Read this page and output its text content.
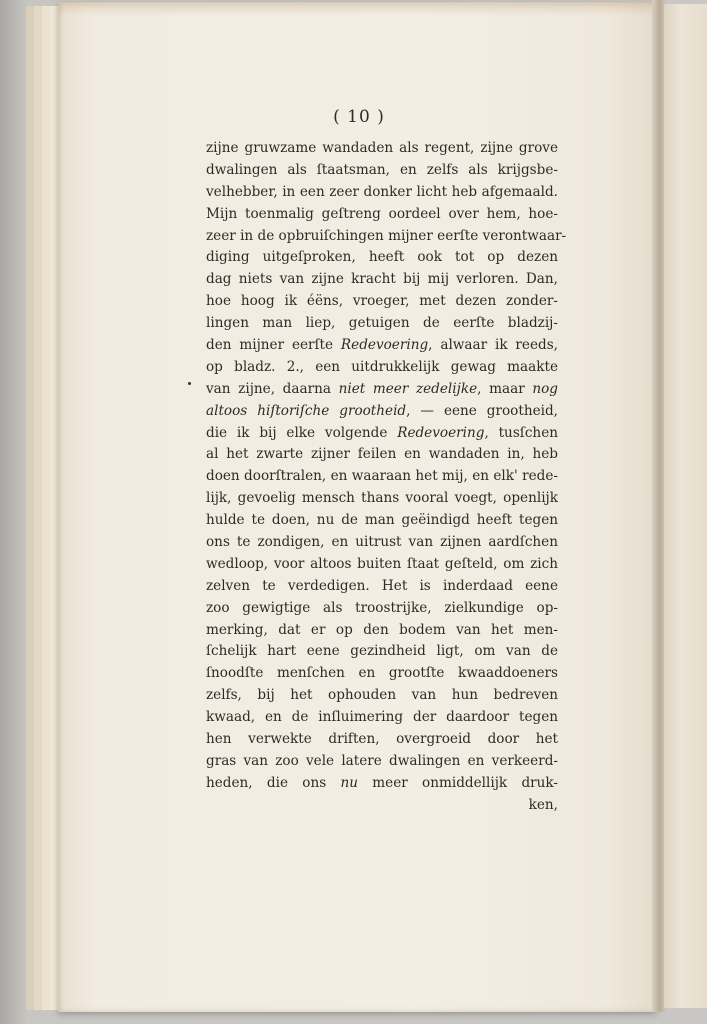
( 10 )
zijne gruwzame wandaden als regent, zijne grove
dwalingen als ſtaatsman, en zelfs als krijgsbe-
velhebber, in een zeer donker licht heb afgemaald.
Mijn toenmalig geſtreng oordeel over hem, hoe-
zeer in de opbruiſchingen mijner eerſte verontwaar-
diging uitgeſproken, heeft ook tot op dezen
dag niets van zijne kracht bij mij verloren. Dan,
hoe hoog ik éëns, vroeger, met dezen zonder-
lingen man liep, getuigen de eerſte bladzij-
den mijner eerſte Redevoering, alwaar ik reeds,
op bladz. 2., een uitdrukkelijk gewag maakte
van zijne, daarna niet meer zedelijke, maar nog
altoos hiſtoriſche grootheid, — eene grootheid,
die ik bij elke volgende Redevoering, tusſchen
al het zwarte zijner feilen en wandaden in, heb
doen doorſtralen, en waaraan het mij, en elk' rede-
lijk, gevoelig mensch thans vooral voegt, openlijk
hulde te doen, nu de man geëindigd heeft tegen
ons te zondigen, en uitrust van zijnen aardſchen
wedloop, voor altoos buiten ſtaat geſteld, om zich
zelven te verdedigen. Het is inderdaad eene
zoo gewigtige als troostrijke, zielkundige op-
merking, dat er op den bodem van het men-
ſchelijk hart eene gezindheid ligt, om van de
ſnoodſte menſchen en grootſte kwaaddoeners
zelfs, bij het ophouden van hun bedreven
kwaad, en de inſluimering der daardoor tegen
hen verwekte driften, overgroeid door het
gras van zoo vele latere dwalingen en verkeerd-
heden, die ons nu meer onmiddellijk druk-
ken,
